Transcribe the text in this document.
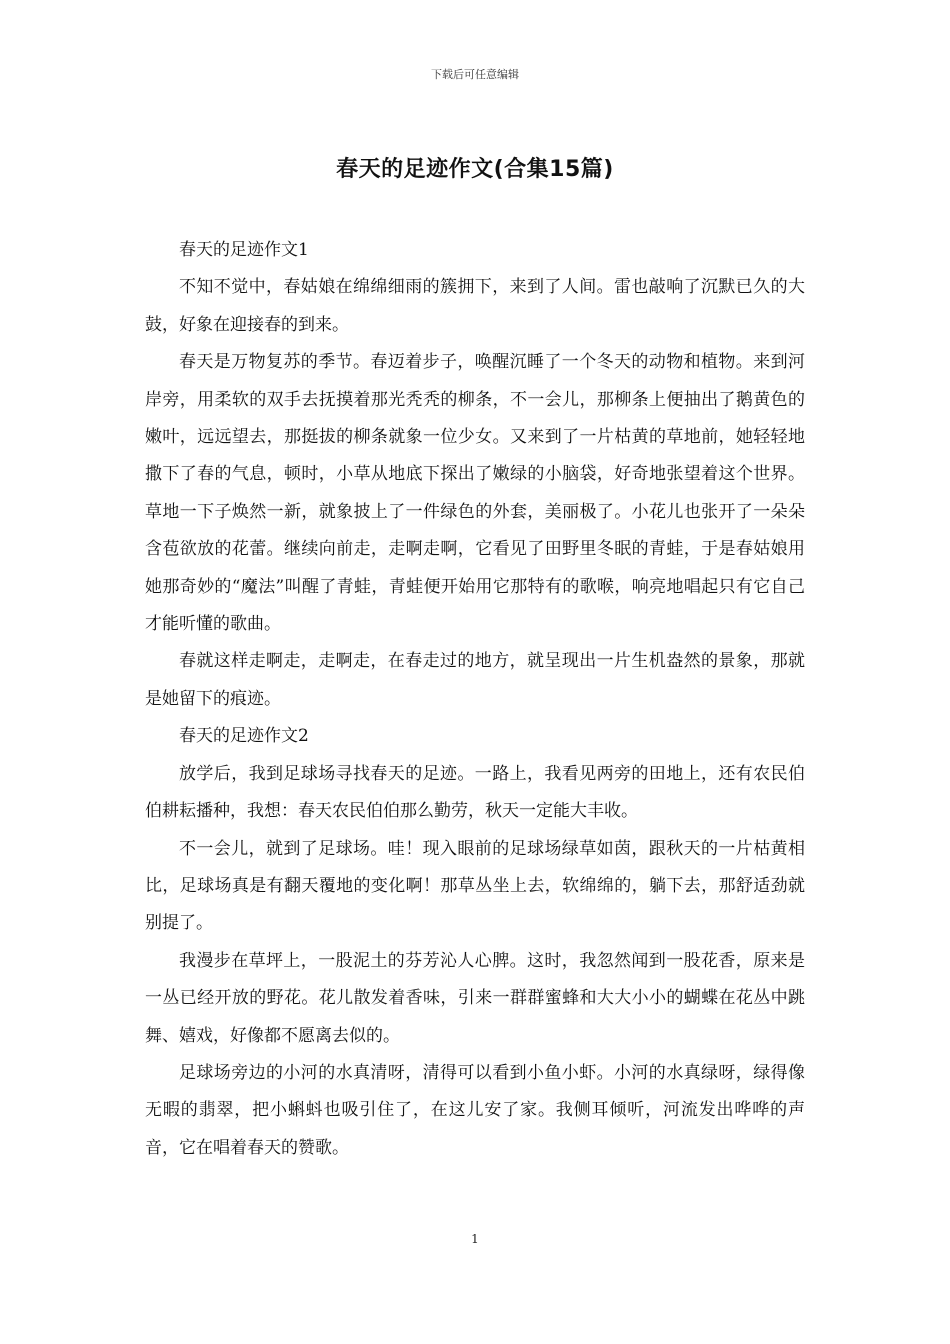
下载后可任意编辑
春天的足迹作文(合集15篇)

春天的足迹作文1

不知不觉中，春姑娘在绵绵细雨的簇拥下，来到了人间。雷也敲响了沉默已久的大鼓，好象在迎接春的到来。

春天是万物复苏的季节。春迈着步子，唤醒沉睡了一个冬天的动物和植物。来到河岸旁，用柔软的双手去抚摸着那光秃秃的柳条，不一会儿，那柳条上便抽出了鹅黄色的嫩叶，远远望去，那挺拔的柳条就象一位少女。又来到了一片枯黄的草地前，她轻轻地撒下了春的气息，顿时，小草从地底下探出了嫩绿的小脑袋，好奇地张望着这个世界。草地一下子焕然一新，就象披上了一件绿色的外套，美丽极了。小花儿也张开了一朵朵含苞欲放的花蕾。继续向前走，走啊走啊，它看见了田野里冬眠的青蛙，于是春姑娘用她那奇妙的“魔法”叫醒了青蛙，青蛙便开始用它那特有的歌喉，响亮地唱起只有它自己才能听懂的歌曲。

春就这样走啊走，走啊走，在春走过的地方，就呈现出一片生机盎然的景象，那就是她留下的痕迹。

春天的足迹作文2

放学后，我到足球场寻找春天的足迹。一路上，我看见两旁的田地上，还有农民伯伯耕耘播种，我想：春天农民伯伯那么勤劳，秋天一定能大丰收。

不一会儿，就到了足球场。哇！现入眼前的足球场绿草如茵，跟秋天的一片枯黄相比，足球场真是有翻天覆地的变化啊！那草丛坐上去，软绵绵的，躺下去，那舒适劲就别提了。

我漫步在草坪上，一股泥土的芬芳沁人心脾。这时，我忽然闻到一股花香，原来是一丛已经开放的野花。花儿散发着香味，引来一群群蜜蜂和大大小小的蝴蝶在花丛中跳舞、嬉戏，好像都不愿离去似的。

足球场旁边的小河的水真清呀，清得可以看到小鱼小虾。小河的水真绿呀，绿得像无暇的翡翠，把小蝌蚪也吸引住了，在这儿安了家。我侧耳倾听，河流发出哗哗的声音，它在唱着春天的赞歌。

1
